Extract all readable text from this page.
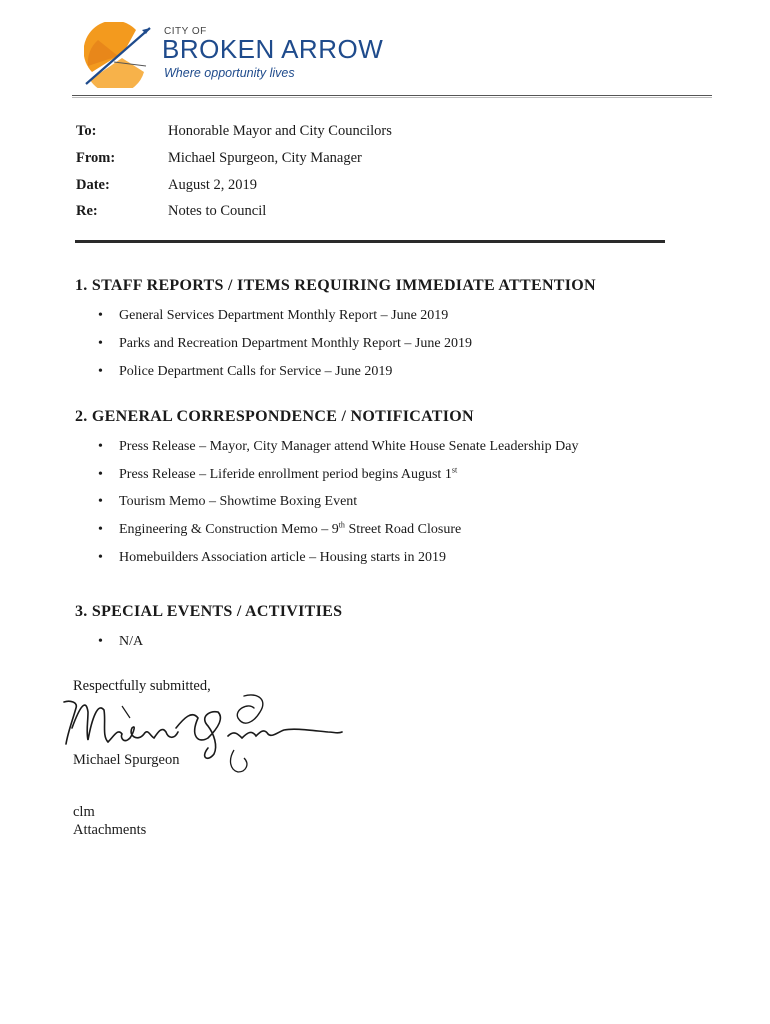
CITY OF
BROKEN ARROW
Where opportunity lives
To:	Honorable Mayor and City Councilors
From:	Michael Spurgeon, City Manager
Date:	August 2, 2019
Re:	Notes to Council
1. STAFF REPORTS / ITEMS REQUIRING IMMEDIATE ATTENTION
• General Services Department Monthly Report – June 2019
• Parks and Recreation Department Monthly Report – June 2019
• Police Department Calls for Service – June 2019
2. GENERAL CORRESPONDENCE / NOTIFICATION
• Press Release – Mayor, City Manager attend White House Senate Leadership Day
• Press Release – Liferide enrollment period begins August 1st
• Tourism Memo – Showtime Boxing Event
• Engineering & Construction Memo – 9th Street Road Closure
• Homebuilders Association article – Housing starts in 2019
3. SPECIAL EVENTS / ACTIVITIES
• N/A
Respectfully submitted,
Michael Spurgeon
clm
Attachments
